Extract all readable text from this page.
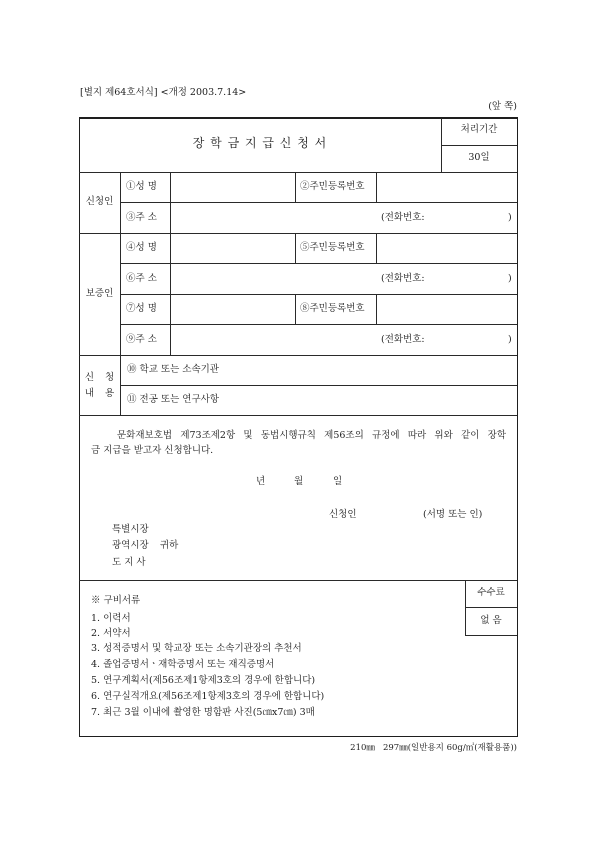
[별지 제64호서식] <개정 2003.7.14>
(앞 쪽)
장 학 금 지 급 신 청 서
처리기간
30일
신청인
①성 명	②주민등록번호
③주 소	(전화번호:	)
보증인
④성 명	⑤주민등록번호
⑥주 소	(전화번호:	)
⑦성 명	⑧주민등록번호
⑨주 소	(전화번호:	)
신 청
내 용
⑩ 학교 또는 소속기관
⑪ 전공 또는 연구사항
문화재보호법 제73조제2항 및 동법시행규칙 제56조의 규정에 따라 위와 같이 장학
금 지급을 받고자 신청합니다.
년	월	일
신청인	(서명 또는 인)
특별시장
광역시장 귀하
도 지 사
※ 구비서류
1. 이력서
2. 서약서
3. 성적증명서 및 학교장 또는 소속기관장의 추천서
4. 졸업증명서ㆍ재학증명서 또는 재직증명서
5. 연구계획서(제56조제1항제3호의 경우에 한합니다)
6. 연구실적개요(제56조제1항제3호의 경우에 한합니다)
7. 최근 3월 이내에 촬영한 명함판 사진(5㎝x7㎝) 3매
수수료
없 음
210㎜   297㎜(일반용지 60g/㎡(재활용품))
